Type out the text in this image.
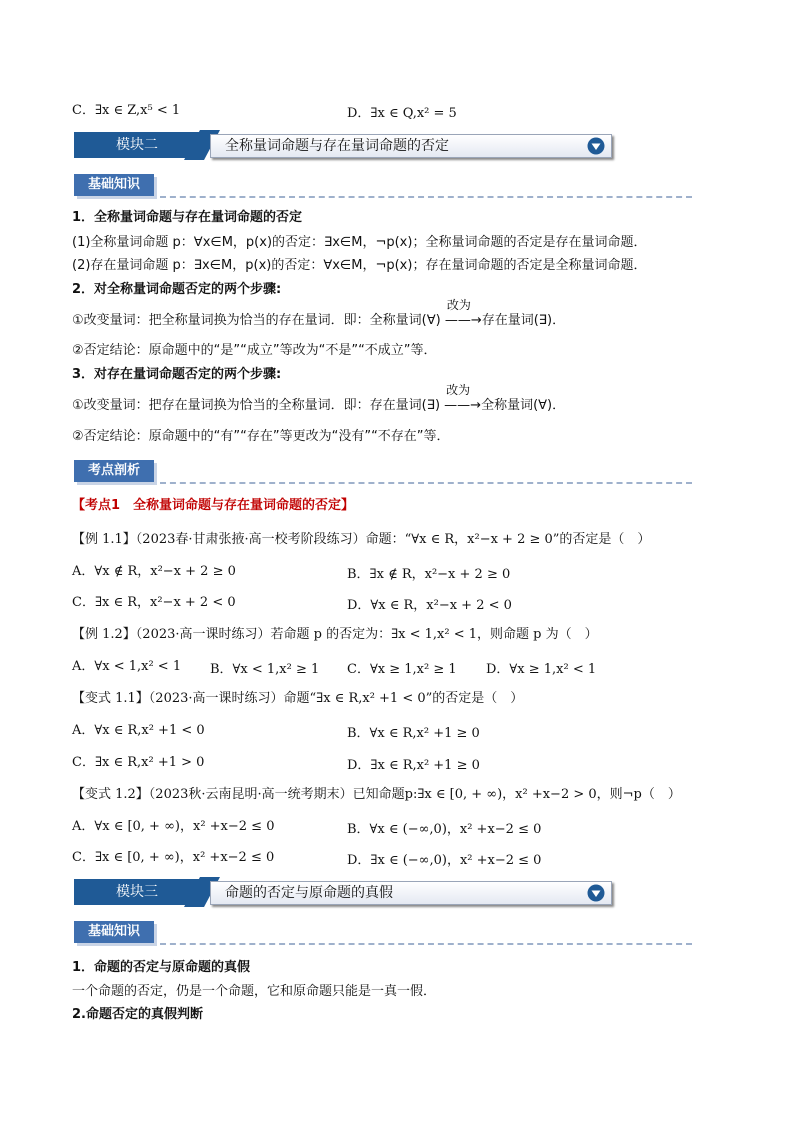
C．∃x ∈ Z,x⁵ < 1	D．∃x ∈ Q,x² = 5
模块二	全称量词命题与存在量词命题的否定
基础知识
1．全称量词命题与存在量词命题的否定
(1)全称量词命题 p：∀x∈M，p(x)的否定：∃x∈M，¬p(x)；全称量词命题的否定是存在量词命题．
(2)存在量词命题 p：∃x∈M，p(x)的否定：∀x∈M，¬p(x)；存在量词命题的否定是全称量词命题．
2．对全称量词命题否定的两个步骤:
①改变量词：把全称量词换为恰当的存在量词．即：全称量词(∀)
改为
——→存在量词(∃)．
②否定结论：原命题中的“是”“成立”等改为“不是”“不成立”等．
3．对存在量词命题否定的两个步骤:
①改变量词：把存在量词换为恰当的全称量词．即：存在量词(∃)
改为
——→全称量词(∀)．
②否定结论：原命题中的“有”“存在”等更改为“没有”“不存在”等．
考点剖析
【考点1　全称量词命题与存在量词命题的否定】
【例 1.1】（2023春·甘肃张掖·高一校考阶段练习）命题：“∀x ∈ R，x²−x + 2 ≥ 0”的否定是（　）
A．∀x ∉ R，x²−x + 2 ≥ 0	B．∃x ∉ R，x²−x + 2 ≥ 0
C．∃x ∈ R，x²−x + 2 < 0	D．∀x ∈ R，x²−x + 2 < 0
【例 1.2】（2023·高一课时练习）若命题 p 的否定为：∃x < 1,x² < 1，则命题 p 为（　）
A．∀x < 1,x² < 1 B．∀x < 1,x² ≥ 1 C．∀x ≥ 1,x² ≥ 1 D．∀x ≥ 1,x² < 1
【变式 1.1】（2023·高一课时练习）命题“∃x ∈ R,x² +1 < 0”的否定是（　）
A．∀x ∈ R,x² +1 < 0	B．∀x ∈ R,x² +1 ≥ 0
C．∃x ∈ R,x² +1 > 0	D．∃x ∈ R,x² +1 ≥ 0
【变式 1.2】（2023秋·云南昆明·高一统考期末）已知命题p:∃x ∈ [0, + ∞)，x² +x−2 > 0，则¬p（　）
A．∀x ∈ [0, + ∞)，x² +x−2 ≤ 0	B．∀x ∈ (−∞,0)，x² +x−2 ≤ 0
C．∃x ∈ [0, + ∞)，x² +x−2 ≤ 0	D．∃x ∈ (−∞,0)，x² +x−2 ≤ 0
模块三	命题的否定与原命题的真假
基础知识
1．命题的否定与原命题的真假
一个命题的否定，仍是一个命题，它和原命题只能是一真一假．
2.命题否定的真假判断
